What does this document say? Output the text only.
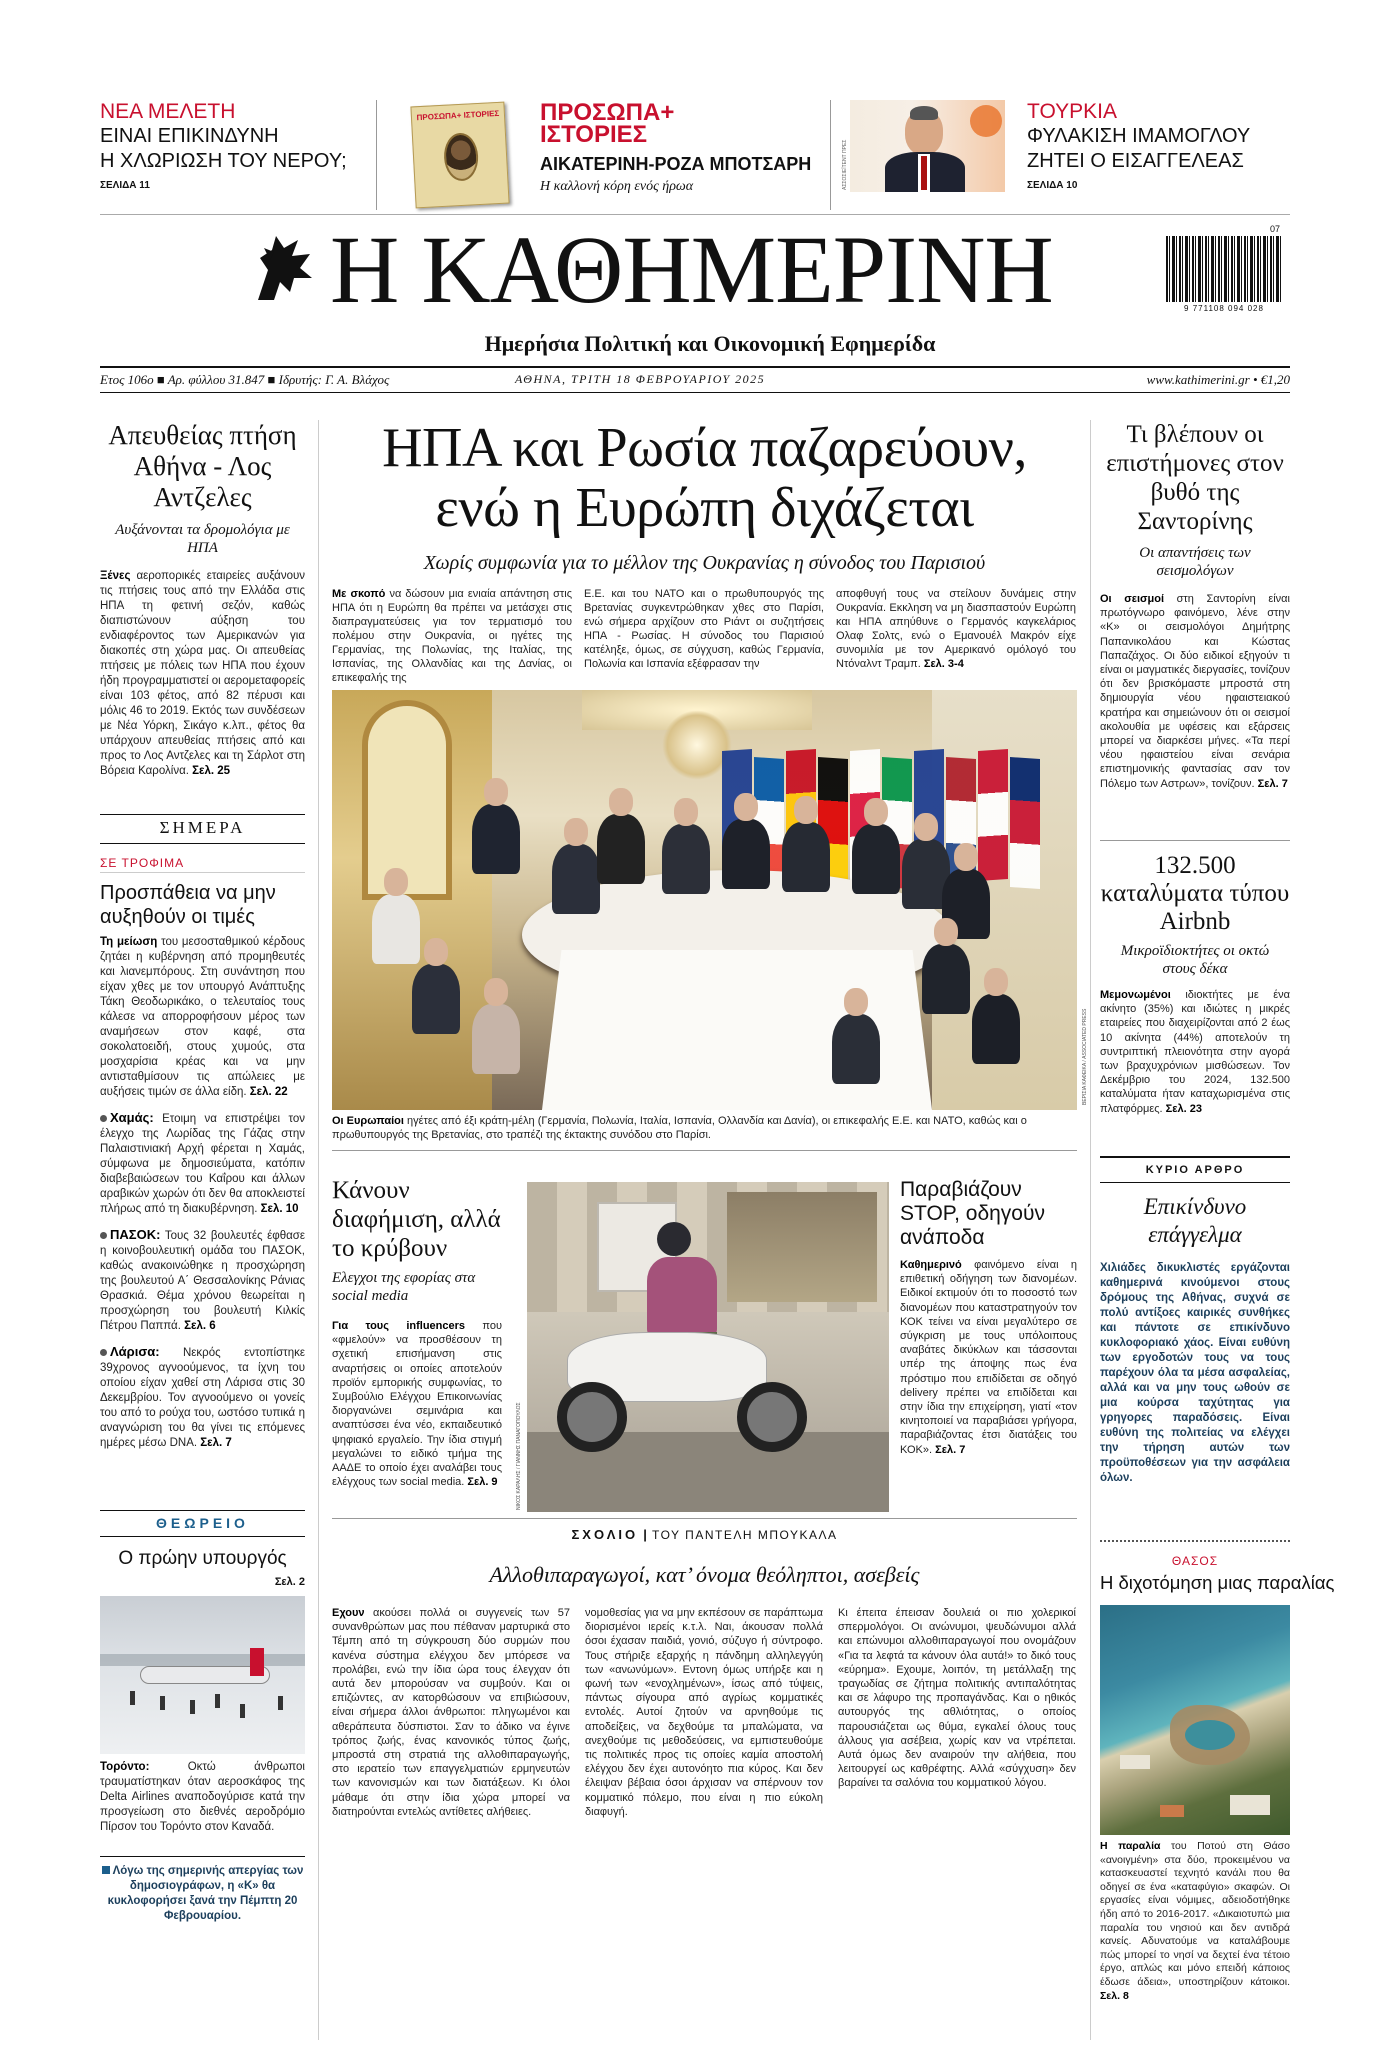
ΝΕΑ ΜΕΛΕΤΗ
ΕΙΝΑΙ ΕΠΙΚΙΝΔΥΝΗ
Η ΧΛΩΡΙΩΣΗ ΤΟΥ ΝΕΡΟΥ;
ΣΕΛΙΔΑ 11
ΠΡΟΣΩΠΑ+ ΙΣΤΟΡΙΕΣ ΠΡΟΣΩΠΑ+
ΙΣΤΟΡΙΕΣ
ΑΙΚΑΤΕΡΙΝΗ-ΡΟΖΑ ΜΠΟΤΣΑΡΗ
Η καλλονή κόρη ενός ήρωα	ΑΣΣΟΣΙΕΪΤΕΝΤ ΠΡΕΣ
ΤΟΥΡΚΙΑ
ΦΥΛΑΚΙΣΗ ΙΜΑΜΟΓΛΟΥ
ΖΗΤΕΙ Ο ΕΙΣΑΓΓΕΛΕΑΣ
ΣΕΛΙΔΑ 10
Η ΚΑΘΗΜΕΡΙΝΗ
Ημερήσια Πολιτική και Οικονομική Εφημερίδα
07
9 771108 094 028
Ετος 106ο ■ Αρ. φύλλου 31.847 ■ Ιδρυτής: Γ. Α. Βλάχος	ΑΘΗΝΑ, ΤΡΙΤΗ 18 ΦΕΒΡΟΥΑΡΙΟΥ 2025	www.kathimerini.gr • €1,20
Απευθείας πτήση Αθήνα - Λος Αντζελες
Αυξάνονται τα δρομολόγια με ΗΠΑ
Ξένες αεροπορικές εταιρείες αυξάνουν τις πτήσεις τους από την Ελλάδα στις ΗΠΑ τη φετινή σεζόν, καθώς διαπιστώνουν αύξηση του ενδιαφέροντος των Αμερικανών για διακοπές στη χώρα μας. Οι απευθείας πτήσεις με πόλεις των ΗΠΑ που έχουν ήδη προγραμματιστεί οι αερομεταφορείς είναι 103 φέτος, από 82 πέρυσι και μόλις 46 το 2019. Εκτός των συνδέσεων με Νέα Υόρκη, Σικάγο κ.λπ., φέτος θα υπάρχουν απευθείας πτήσεις από και προς το Λος Αντζελες και τη Σάρλοτ στη Βόρεια Καρολίνα. Σελ. 25
ΣΗΜΕΡΑ
ΣΕ ΤΡΟΦΙΜΑ
Προσπάθεια να μην αυξηθούν οι τιμές
Τη μείωση του μεσοσταθμικού κέρδους ζητάει η κυβέρνηση από προμηθευτές και λιανεμπόρους. Στη συνάντηση που είχαν χθες με τον υπουργό Ανάπτυξης Τάκη Θεοδωρικάκο, ο τελευταίος τους κάλεσε να απορροφήσουν μέρος των αναμήσεων στον καφέ, στα σοκολατοειδή, στους χυμούς, στα μοσχαρίσια κρέας και να μην αντισταθμίσουν τις απώλειες με αυξήσεις τιμών σε άλλα είδη. Σελ. 22
Χαμάς: Ετοιμη να επιστρέψει τον έλεγχο της Λωρίδας της Γάζας στην Παλαιστινιακή Αρχή φέρεται η Χαμάς, σύμφωνα με δημοσιεύματα, κατόπιν διαβεβαιώσεων του Καΐρου και άλλων αραβικών χωρών ότι δεν θα αποκλειστεί πλήρως από τη διακυβέρνηση. Σελ. 10
ΠΑΣΟΚ: Τους 32 βουλευτές έφθασε η κοινοβουλευτική ομάδα του ΠΑΣΟΚ, καθώς ανακοινώθηκε η προσχώρηση της βουλευτού Α΄ Θεσσαλονίκης Ράνιας Θρασκιά. Θέμα χρόνου θεωρείται η προσχώρηση του βουλευτή Κιλκίς Πέτρου Παππά. Σελ. 6
Λάρισα: Νεκρός εντοπίστηκε 39χρονος αγνοούμενος, τα ίχνη του οποίου είχαν χαθεί στη Λάρισα στις 30 Δεκεμβρίου. Τον αγνοούμενο οι γονείς του από το ρούχα του, ωστόσο τυπικά η αναγνώριση του θα γίνει τις επόμενες ημέρες μέσω DNA. Σελ. 7
ΘΕΩΡΕΙΟ
Ο πρώην υπουργός
Σελ. 2
Τορόντο:	Οκτώ άνθρωποι τραυματίστηκαν όταν αεροσκάφος της Delta Airlines αναποδογύρισε κατά την προσγείωση στο διεθνές αεροδρόμιο Πίρσον του Τορόντο στον Καναδά.
Λόγω της σημερινής απεργίας των δημοσιογράφων, η «Κ» θα κυκλοφορήσει ξανά την Πέμπτη 20 Φεβρουαρίου.
ΗΠΑ και Ρωσία παζαρεύουν,
ενώ η Ευρώπη διχάζεται
Χωρίς συμφωνία για το μέλλον της Ουκρανίας η σύνοδος του Παρισιού
Με σκοπό να δώσουν μια ενιαία απάντηση στις ΗΠΑ ότι η Ευρώπη θα πρέπει να μετάσχει στις διαπραγματεύσεις για τον τερματισμό του πολέμου στην Ουκρανία, οι ηγέτες της Γερμανίας, της Πολωνίας, της Ιταλίας, της Ισπανίας, της Ολλανδίας και της Δανίας, οι επικεφαλής της
Ε.Ε. και του ΝΑΤΟ και ο πρωθυπουργός της Βρετανίας συγκεντρώθηκαν χθες στο Παρίσι, ενώ σήμερα αρχίζουν στο Ριάντ οι συζητήσεις ΗΠΑ - Ρωσίας. Η σύνοδος του Παρισιού κατέληξε, όμως, σε σύγχυση, καθώς Γερμανία, Πολωνία και Ισπανία εξέφρασαν την
αποφθυγή τους να στείλουν δυνάμεις στην Ουκρανία. Εκκληση να μη διασπαστούν Ευρώπη και ΗΠΑ απηύθυνε ο Γερμανός καγκελάριος Ολαφ Σολτς, ενώ ο Εμανουέλ Μακρόν είχε συνομιλία με τον Αμερικανό ομόλογό του Ντόναλντ Τραμπ. Σελ. 3-4
ΒΕΡΙΣΙΑ ΚΑΦΕΙΚΑ / ASSOCIATED PRESS
Οι Ευρωπαίοι ηγέτες από έξι κράτη-μέλη (Γερμανία, Πολωνία, Ιταλία, Ισπανία, Ολλανδία και Δανία), οι επικεφαλής Ε.Ε. και ΝΑΤΟ, καθώς και ο πρωθυπουργός της Βρετανίας, στο τραπέζι της έκτακτης συνόδου στο Παρίσι.
Κάνουν διαφήμιση, αλλά το κρύβουν
Ελεγχοι της εφορίας στα social media
Για τους influencers που «φμελούν» να προσθέσουν τη σχετική επισήμανση στις αναρτήσεις οι οποίες αποτελούν προϊόν εμπορικής συμφωνίας, το Συμβούλιο Ελέγχου Επικοινωνίας διοργανώνει σεμινάρια και αναπτύσσει ένα νέο, εκπαιδευτικό ψηφιακό εργαλείο. Την ίδια στιγμή μεγαλώνει το ειδικό τμήμα της ΑΑΔΕ το οποίο έχει αναλάβει τους ελέγχους των social media. Σελ. 9	ΝΙΚΟΣ ΚΑΡΑΛΗΣ / ΓΙΑΝΝΗΣ ΠΑΝΑΓΟΠΟΥΛΟΣ
Παραβιάζουν STOP, οδηγούν ανάποδα
Καθημερινό φαινόμενο είναι η επιθετική οδήγηση των διανομέων. Ειδικοί εκτιμούν ότι το ποσοστό των διανομέων που καταστρατηγούν τον ΚΟΚ τείνει να είναι μεγαλύτερο σε σύγκριση με τους υπόλοιπους αναβάτες δικύκλων και τάσσονται υπέρ της άποψης πως ένα πρόστιμο που επιδίδεται σε οδηγό delivery πρέπει να επιδίδεται και στην ίδια την επιχείρηση, γιατί «τον κινητοποιεί να παραβιάσει γρήγορα, παραβιάζοντας έτσι διατάξεις του ΚΟΚ». Σελ. 7
ΣΧΟΛΙΟ | ΤΟΥ ΠΑΝΤΕΛΗ ΜΠΟΥΚΑΛΑ
Αλλοθιπαραγωγοί, κατ’ όνομα θεόληπτοι, ασεβείς
Εχουν ακούσει πολλά οι συγγενείς των 57 συνανθρώπων μας που πέθαναν μαρτυρικά στο Τέμπη από τη σύγκρουση δύο συρμών που κανένα σύστημα ελέγχου δεν μπόρεσε να προλάβει, ενώ την ίδια ώρα τους έλεγχαν ότι αυτά δεν μπορούσαν να συμβούν. Και οι επιζώντες, αν κατορθώσουν να επιβιώσουν, είναι σήμερα άλλοι άνθρωποι: πληγωμένοι και αθεράπευτα δύσπιστοι. Σαν το άδικο να έγινε τρόπος ζωής, ένας κανονικός τύπος ζωής, μπροστά στη στρατιά της αλλοθιπαραγωγής, στο ιερατείο των επαγγελματιών ερμηνευτών των κανονισμών και των διατάξεων. Κι όλοι μάθαμε ότι στην ίδια χώρα μπορεί να διατηρούνται εντελώς αντίθετες αλήθειες.
νομοθεσίας για να μην εκπέσουν σε παράπτωμα διορισμένοι ιερείς κ.τ.λ. Ναι, άκουσαν πολλά όσοι έχασαν παιδιά, γονιό, σύζυγο ή σύντροφο. Τους στήριξε εξαρχής η πάνδημη αλληλεγγύη των «ανωνύμων». Εντονη όμως υπήρξε και η φωνή των «ενοχλημένων», ίσως από τύψεις, πάντως σίγουρα από αγρίως κομματικές εντολές. Αυτοί ζητούν να αρνηθούμε τις αποδείξεις, να δεχθούμε τα μπαλώματα, να ανεχθούμε τις μεθοδεύσεις, να εμπιστευθούμε τις πολιτικές προς τις οποίες καμία αποστολή ελέγχου δεν έχει αυτονόητο πια κύρος. Και δεν έλειψαν βέβαια όσοι άρχισαν να σπέρνουν τον κομματικό πόλεμο, που είναι η πιο εύκολη διαφυγή.
Κι έπειτα έπεισαν δουλειά οι πιο χολερικοί σπερμολόγοι. Οι ανώνυμοι, ψευδώνυμοι αλλά και επώνυμοι αλλοθιπαραγωγοί που ονομάζουν «Για τα λεφτά τα κάνουν όλα αυτά!» το δικό τους «εύρημα». Εχουμε, λοιπόν, τη μετάλλαξη της τραγωδίας σε ζήτημα πολιτικής αντιπαλότητας και σε λάφυρο της προπαγάνδας. Και ο ηθικός αυτουργός της αθλιότητας, ο οποίος παρουσιάζεται ως θύμα, εγκαλεί όλους τους άλλους για ασέβεια, χωρίς καν να ντρέπεται. Αυτά όμως δεν αναιρούν την αλήθεια, που λειτουργεί ως καθρέφτης. Αλλά «σύγχυση» δεν βαραίνει τα σαλόνια του κομματικού λόγου.
Τι βλέπουν οι επιστήμονες στον βυθό της Σαντορίνης
Οι απαντήσεις των σεισμολόγων
Οι σεισμοί στη Σαντορίνη είναι πρωτόγνωρο φαινόμενο, λένε στην «Κ» οι σεισμολόγοι Δημήτρης Παπανικολάου και Κώστας Παπαζάχος. Οι δύο ειδικοί εξηγούν τι είναι οι μαγματικές διεργασίες, τονίζουν ότι δεν βρισκόμαστε μπροστά στη δημιουργία νέου ηφαιστειακού κρατήρα και σημειώνουν ότι οι σεισμοί ακολουθία με υφέσεις και εξάρσεις μπορεί να διαρκέσει μήνες. «Τα περί νέου ηφαιστείου είναι σενάρια επιστημονικής φαντασίας σαν τον Πόλεμο των Αστρων», τονίζουν. Σελ. 7
132.500
καταλύματα τύπου Airbnb
Μικροϊδιοκτήτες οι οκτώ στους δέκα
Μεμονωμένοι ιδιοκτήτες με ένα ακίνητο (35%) και ιδιώτες η μικρές εταιρείες που διαχειρίζονται από 2 έως 10 ακίνητα (44%) αποτελούν τη συντριπτική πλειονότητα στην αγορά των βραχυχρόνιων μισθώσεων. Τον Δεκέμβριο του 2024, 132.500 καταλύματα ήταν καταχωρισμένα στις πλατφόρμες. Σελ. 23
ΚΥΡΙΟ ΑΡΘΡΟ
Επικίνδυνο επάγγελμα
Χιλιάδες δικυκλιστές εργάζονται καθημερινά κινούμενοι στους δρόμους της Αθήνας, συχνά σε πολύ αντίξοες καιρικές συνθήκες και πάντοτε σε επικίνδυνο κυκλοφοριακό χάος. Είναι ευθύνη των εργοδοτών τους να τους παρέχουν όλα τα μέσα ασφαλείας, αλλά και να μην τους ωθούν σε μια κούρσα ταχύτητας για γρηγορες παραδόσεις. Είναι ευθύνη της πολιτείας να ελέγχει την τήρηση αυτών των προϋποθέσεων για την ασφάλεια όλων.
ΘΑΣΟΣ
Η διχοτόμηση μιας παραλίας
Η παραλία του Ποτού στη Θάσο «ανοιγμένη» στα δύο, προκειμένου να κατασκευαστεί τεχνητό κανάλι που θα οδηγεί σε ένα «καταφύγιο» σκαφών. Οι εργασίες είναι νόμιμες, αδειοδοτήθηκε ήδη από το 2016-2017. «Δικαιοτυπώ μια παραλία του νησιού και δεν αντιδρά κανείς. Αδυνατούμε να καταλάβουμε πώς μπορεί το νησί να δεχτεί ένα τέτοιο έργο, απλώς και μόνο επειδή κάποιος έδωσε άδεια», υποστηρίζουν κάτοικοι. Σελ. 8
